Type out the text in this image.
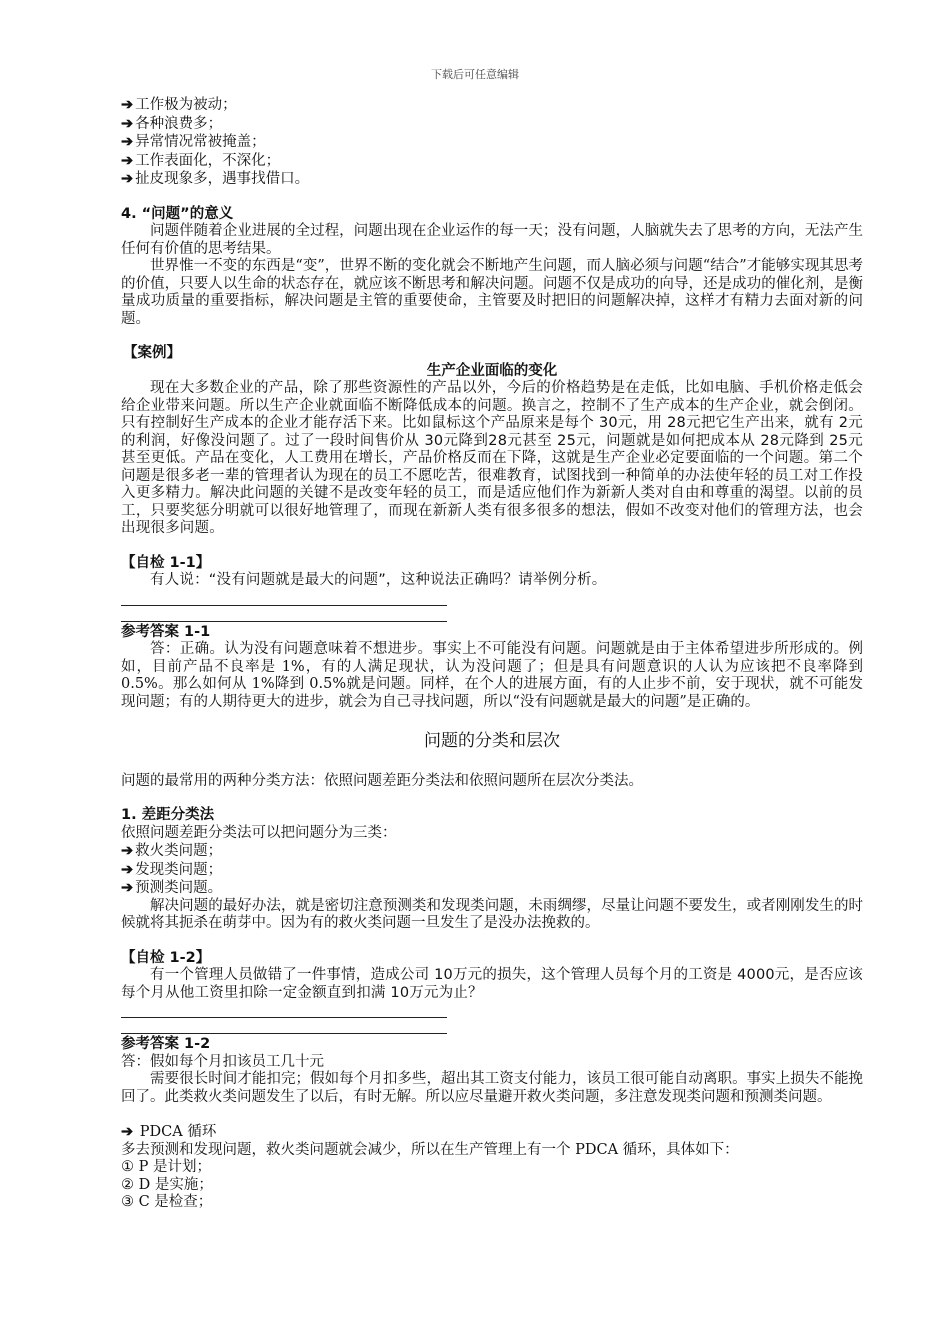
下载后可任意编辑
➔ 工作极为被动；
➔ 各种浪费多；
➔ 异常情况常被掩盖；
➔ 工作表面化，不深化；
➔ 扯皮现象多，遇事找借口。
4. “问题”的意义
问题伴随着企业进展的全过程，问题出现在企业运作的每一天；没有问题，人脑就失去了思考的方向，无法产生任何有价值的思考结果。
世界惟一不变的东西是“变”，世界不断的变化就会不断地产生问题，而人脑必须与问题“结合”才能够实现其思考的价值，只要人以生命的状态存在，就应该不断思考和解决问题。问题不仅是成功的向导，还是成功的催化剂，是衡量成功质量的重要指标，解决问题是主管的重要使命，主管要及时把旧的问题解决掉，这样才有精力去面对新的问题。
【案例】
生产企业面临的变化
现在大多数企业的产品，除了那些资源性的产品以外，今后的价格趋势是在走低，比如电脑、手机价格走低会给企业带来问题。所以生产企业就面临不断降低成本的问题。换言之，控制不了生产成本的生产企业，就会倒闭。只有控制好生产成本的企业才能存活下来。比如鼠标这个产品原来是每个 30元，用 28元把它生产出来，就有 2元的利润，好像没问题了。过了一段时间售价从 30元降到28元甚至 25元，问题就是如何把成本从 28元降到 25元甚至更低。产品在变化，人工费用在增长，产品价格反而在下降，这就是生产企业必定要面临的一个问题。第二个问题是很多老一辈的管理者认为现在的员工不愿吃苦，很难教育，试图找到一种简单的办法使年轻的员工对工作投入更多精力。解决此问题的关键不是改变年轻的员工，而是适应他们作为新新人类对自由和尊重的渴望。以前的员工，只要奖惩分明就可以很好地管理了，而现在新新人类有很多很多的想法，假如不改变对他们的管理方法，也会出现很多问题。
【自检 1-1】
有人说：“没有问题就是最大的问题”，这种说法正确吗？请举例分析。
参考答案 1-1
答：正确。认为没有问题意味着不想进步。事实上不可能没有问题。问题就是由于主体希望进步所形成的。例如，目前产品不良率是 1%，有的人满足现状，认为没问题了；但是具有问题意识的人认为应该把不良率降到 0.5%。那么如何从 1%降到 0.5%就是问题。同样，在个人的进展方面，有的人止步不前，安于现状，就不可能发现问题；有的人期待更大的进步，就会为自己寻找问题，所以“没有问题就是最大的问题”是正确的。
问题的分类和层次
问题的最常用的两种分类方法：依照问题差距分类法和依照问题所在层次分类法。
1. 差距分类法
依照问题差距分类法可以把问题分为三类：
➔ 救火类问题；
➔ 发现类问题；
➔ 预测类问题。
解决问题的最好办法，就是密切注意预测类和发现类问题，未雨绸缪，尽量让问题不要发生，或者刚刚发生的时候就将其扼杀在萌芽中。因为有的救火类问题一旦发生了是没办法挽救的。
【自检 1-2】
有一个管理人员做错了一件事情，造成公司 10万元的损失，这个管理人员每个月的工资是 4000元，是否应该每个月从他工资里扣除一定金额直到扣满 10万元为止？
参考答案 1-2
答：假如每个月扣该员工几十元
需要很长时间才能扣完；假如每个月扣多些，超出其工资支付能力，该员工很可能自动离职。事实上损失不能挽回了。此类救火类问题发生了以后，有时无解。所以应尽量避开救火类问题，多注意发现类问题和预测类问题。
➔ PDCA 循环
多去预测和发现问题，救火类问题就会减少，所以在生产管理上有一个 PDCA 循环，具体如下：
① P 是计划；
② D 是实施；
③ C 是检查；
